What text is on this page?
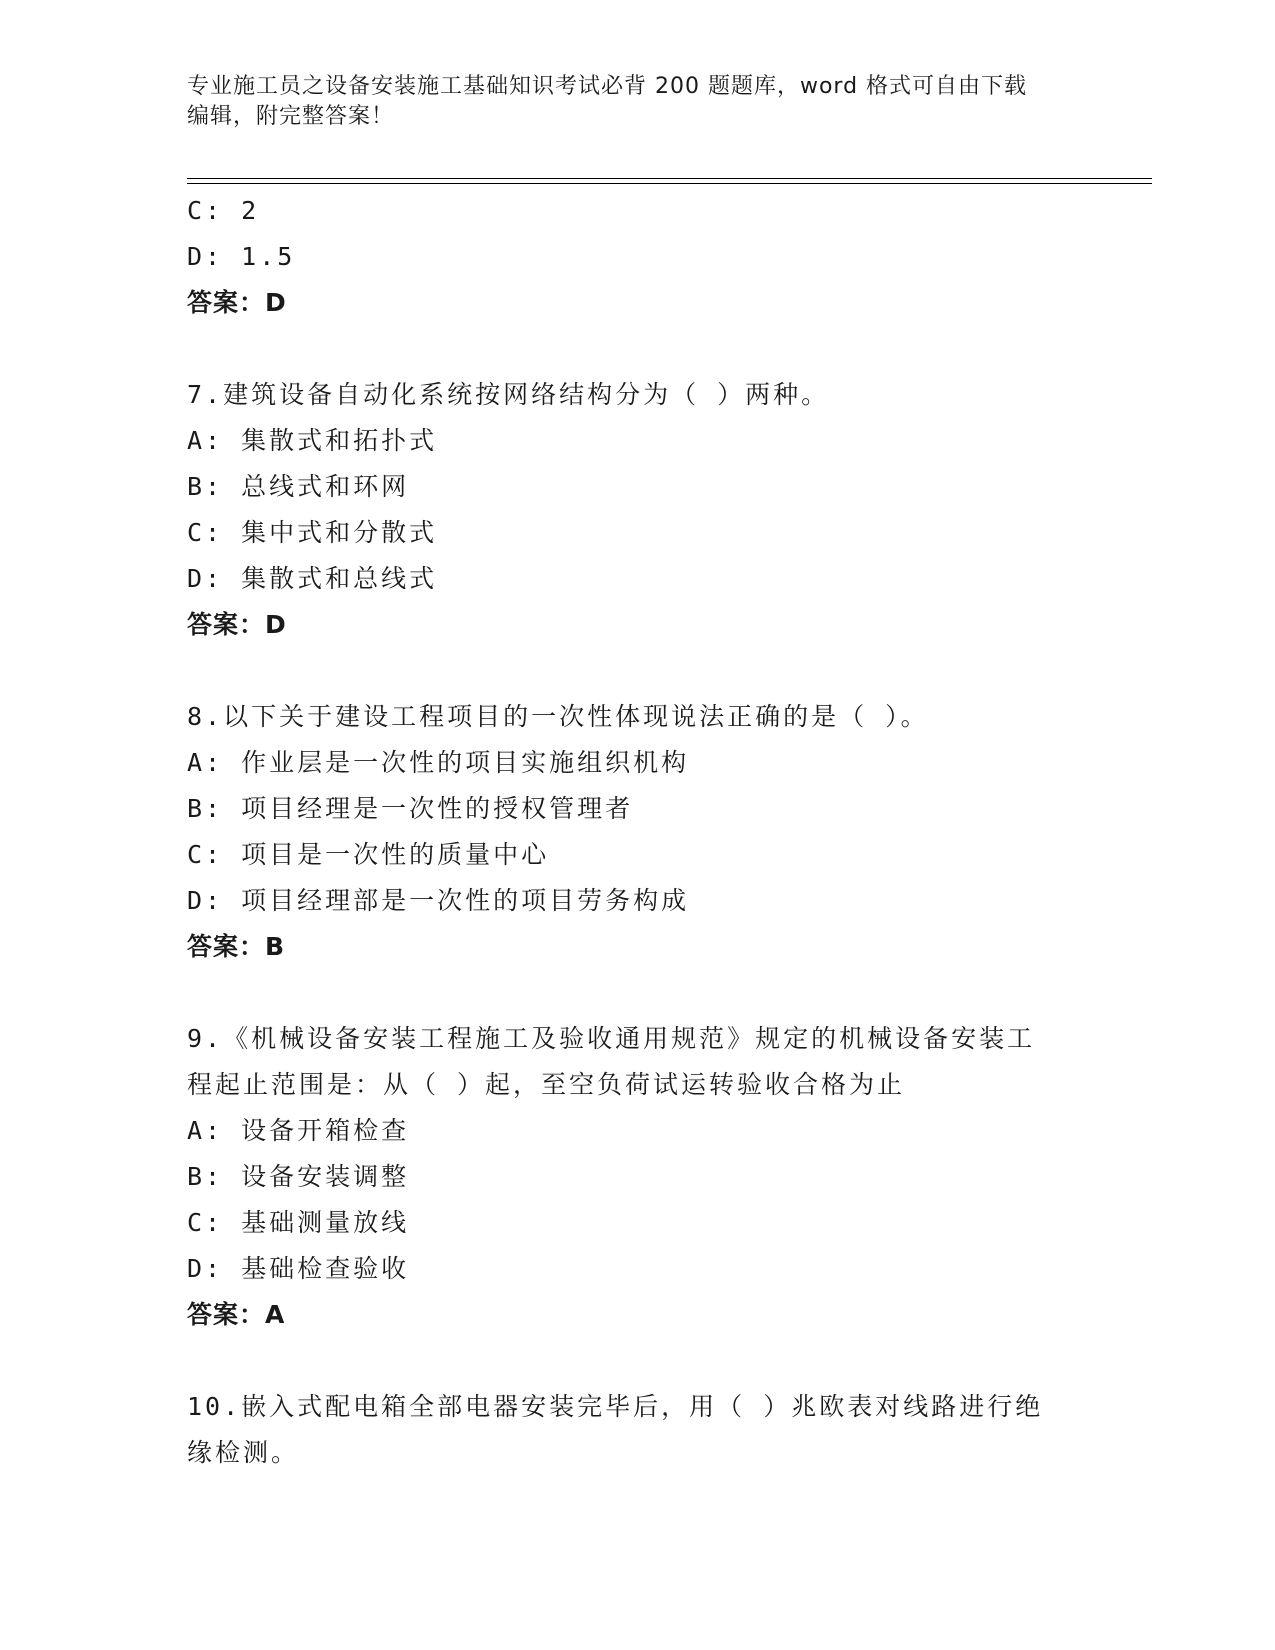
专业施工员之设备安装施工基础知识考试必背 200 题题库，word 格式可自由下载
编辑，附完整答案！
C: 2
D: 1.5
答案：D
7.建筑设备自动化系统按网络结构分为（ ）两种。
A: 集散式和拓扑式
B: 总线式和环网
C: 集中式和分散式
D: 集散式和总线式
答案：D
8.以下关于建设工程项目的一次性体现说法正确的是（ ）。
A: 作业层是一次性的项目实施组织机构
B: 项目经理是一次性的授权管理者
C: 项目是一次性的质量中心
D: 项目经理部是一次性的项目劳务构成
答案：B
9.《机械设备安装工程施工及验收通用规范》规定的机械设备安装工
程起止范围是：从（ ）起，至空负荷试运转验收合格为止
A: 设备开箱检查
B: 设备安装调整
C: 基础测量放线
D: 基础检查验收
答案：A
10.嵌入式配电箱全部电器安装完毕后，用（ ）兆欧表对线路进行绝
缘检测。
